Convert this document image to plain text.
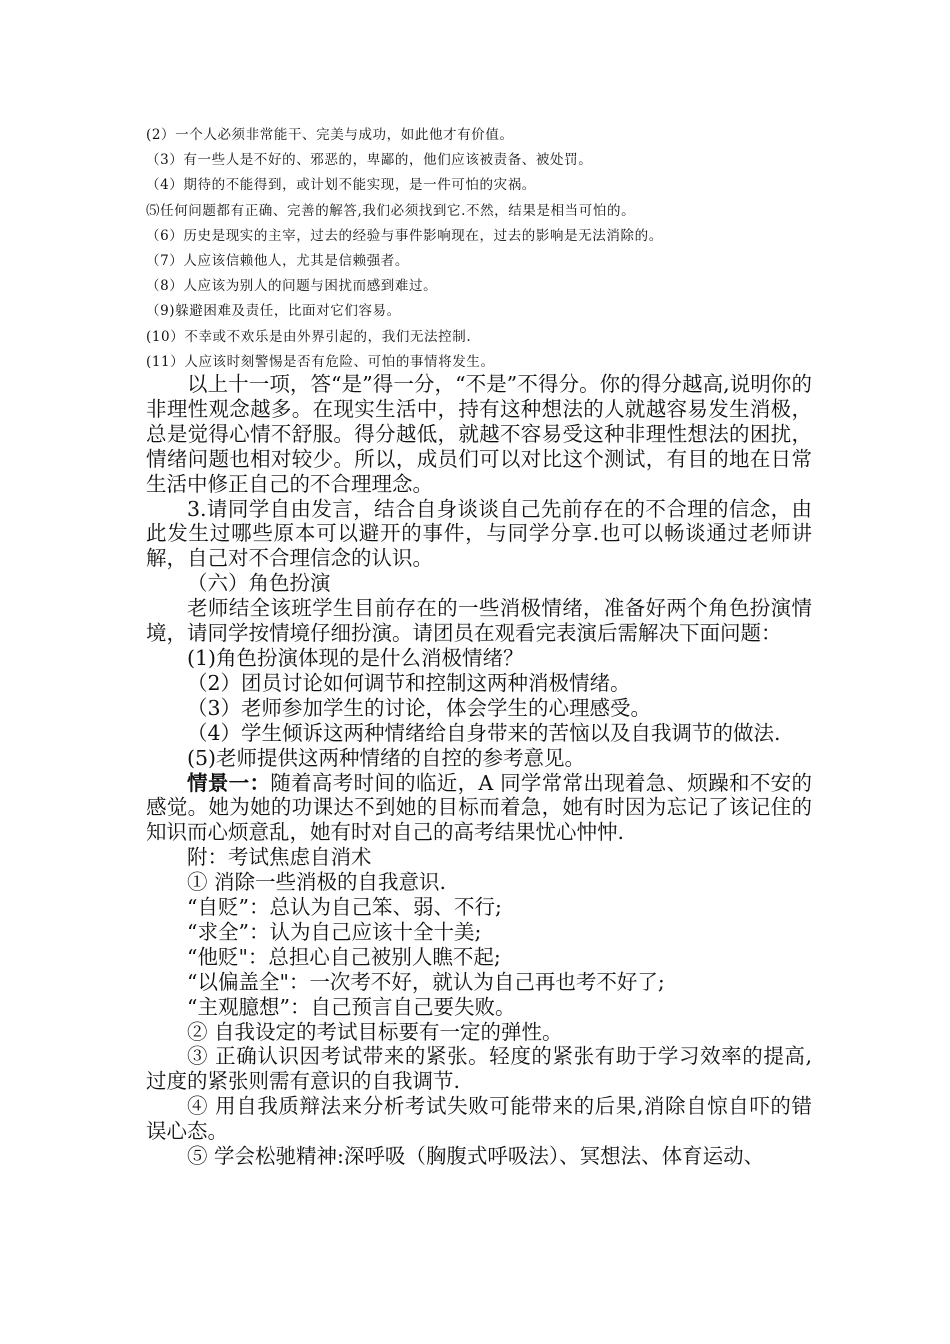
(2）一个人必须非常能干、完美与成功，如此他才有价值。
（3）有一些人是不好的、邪恶的，卑鄙的，他们应该被责备、被处罚。
（4）期待的不能得到，或计划不能实现，是一件可怕的灾祸。
⑸任何问题都有正确、完善的解答,我们必须找到它.不然，结果是相当可怕的。
（6）历史是现实的主宰，过去的经验与事件影响现在，过去的影响是无法消除的。
（7）人应该信赖他人，尤其是信赖强者。
（8）人应该为别人的问题与困扰而感到难过。
（9)躲避困难及责任，比面对它们容易。
(10）不幸或不欢乐是由外界引起的，我们无法控制.
(11）人应该时刻警惕是否有危险、可怕的事情将发生。

以上十一项，答“是”得一分，“不是”不得分。你的得分越高,说明你的非理性观念越多。在现实生活中，持有这种想法的人就越容易发生消极，总是觉得心情不舒服。得分越低，就越不容易受这种非理性想法的困扰，情绪问题也相对较少。所以，成员们可以对比这个测试，有目的地在日常生活中修正自己的不合理理念。

3.请同学自由发言，结合自身谈谈自己先前存在的不合理的信念，由此发生过哪些原本可以避开的事件，与同学分享.也可以畅谈通过老师讲解，自己对不合理信念的认识。

（六）角色扮演

老师结全该班学生目前存在的一些消极情绪，准备好两个角色扮演情境，请同学按情境仔细扮演。请团员在观看完表演后需解决下面问题：

(1)角色扮演体现的是什么消极情绪？

（2）团员讨论如何调节和控制这两种消极情绪。

（3）老师参加学生的讨论，体会学生的心理感受。

（4）学生倾诉这两种情绪给自身带来的苦恼以及自我调节的做法.

(5)老师提供这两种情绪的自控的参考意见。

情景一：随着高考时间的临近，A 同学常常出现着急、烦躁和不安的感觉。她为她的功课达不到她的目标而着急，她有时因为忘记了该记住的知识而心烦意乱，她有时对自己的高考结果忧心忡忡.

附：考试焦虑自消术

① 消除一些消极的自我意识.

“自贬”：总认为自己笨、弱、不行;

“求全”：认为自己应该十全十美;

“他贬"：总担心自己被别人瞧不起;

“以偏盖全"：一次考不好，就认为自己再也考不好了;

“主观臆想”：自己预言自己要失败。

② 自我设定的考试目标要有一定的弹性。

③ 正确认识因考试带来的紧张。轻度的紧张有助于学习效率的提高,过度的紧张则需有意识的自我调节.

④ 用自我质辩法来分析考试失败可能带来的后果,消除自惊自吓的错误心态。

⑤ 学会松驰精神:深呼吸（胸腹式呼吸法）、冥想法、体育运动、
